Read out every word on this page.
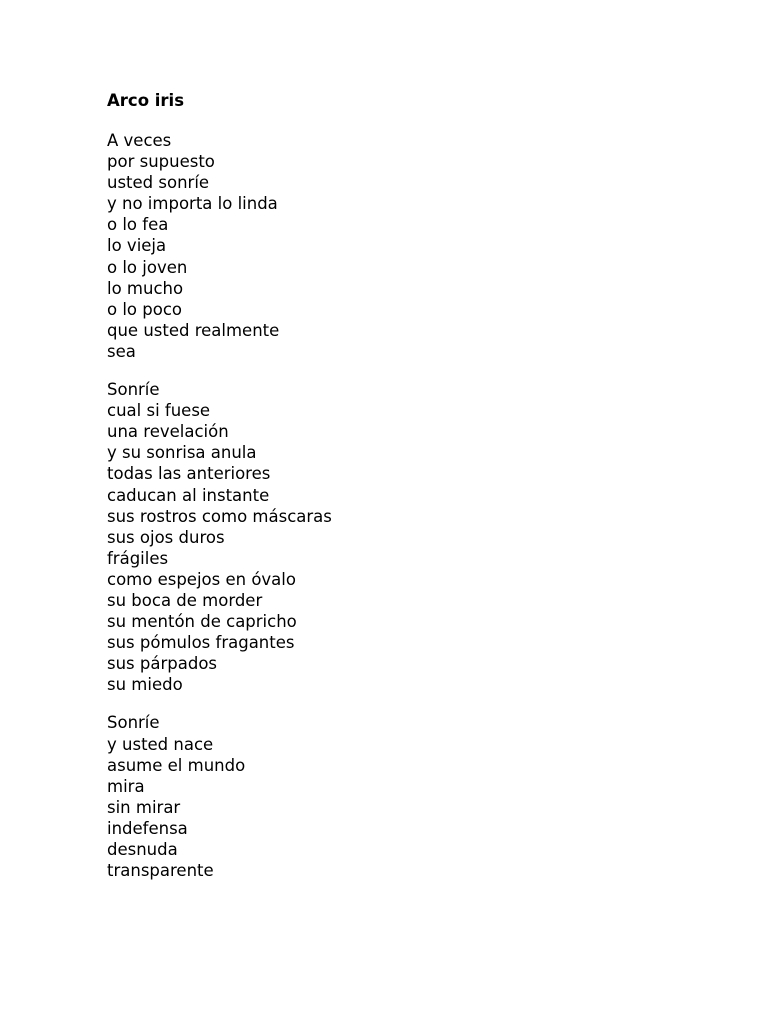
Arco iris
A veces
por supuesto
usted sonríe
y no importa lo linda
o lo fea
lo vieja
o lo joven
lo mucho
o lo poco
que usted realmente
sea
Sonríe
cual si fuese
una revelación
y su sonrisa anula
todas las anteriores
caducan al instante
sus rostros como máscaras
sus ojos duros
frágiles
como espejos en óvalo
su boca de morder
su mentón de capricho
sus pómulos fragantes
sus párpados
su miedo
Sonríe
y usted nace
asume el mundo
mira
sin mirar
indefensa
desnuda
transparente
